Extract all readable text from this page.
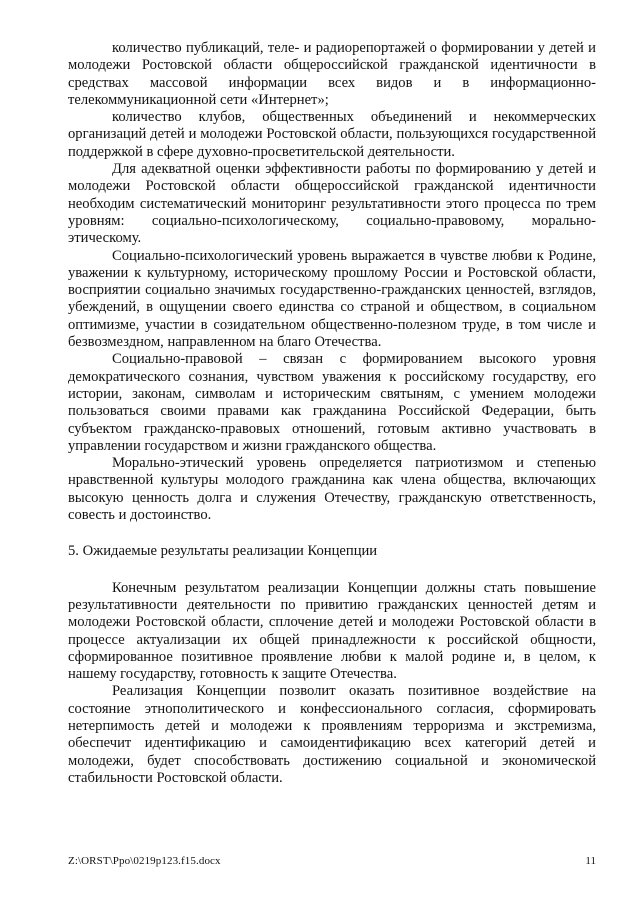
количество публикаций, теле- и радиорепортажей о формировании у детей и молодежи Ростовской области общероссийской гражданской идентичности в средствах массовой информации всех видов и в информационно-телекоммуникационной сети «Интернет»;

количество клубов, общественных объединений и некоммерческих организаций детей и молодежи Ростовской области, пользующихся государственной поддержкой в сфере духовно-просветительской деятельности.

Для адекватной оценки эффективности работы по формированию у детей и молодежи Ростовской области общероссийской гражданской идентичности необходим систематический мониторинг результативности этого процесса по трем уровням: социально-психологическому, социально-правовому, морально-этическому.

Социально-психологический уровень выражается в чувстве любви к Родине, уважении к культурному, историческому прошлому России и Ростовской области, восприятии социально значимых государственно-гражданских ценностей, взглядов, убеждений, в ощущении своего единства со страной и обществом, в социальном оптимизме, участии в созидательном общественно-полезном труде, в том числе и безвозмездном, направленном на благо Отечества.

Социально-правовой – связан с формированием высокого уровня демократического сознания, чувством уважения к российскому государству, его истории, законам, символам и историческим святыням, с умением молодежи пользоваться своими правами как гражданина Российской Федерации, быть субъектом гражданско-правовых отношений, готовым активно участвовать в управлении государством и жизни гражданского общества.

Морально-этический уровень определяется патриотизмом и степенью нравственной культуры молодого гражданина как члена общества, включающих высокую ценность долга и служения Отечеству, гражданскую ответственность, совесть и достоинство.

5. Ожидаемые результаты реализации Концепции

Конечным результатом реализации Концепции должны стать повышение результативности деятельности по привитию гражданских ценностей детям и молодежи Ростовской области, сплочение детей и молодежи Ростовской области в процессе актуализации их общей принадлежности к российской общности, сформированное позитивное проявление любви к малой родине и, в целом, к нашему государству, готовность к защите Отечества.

Реализация Концепции позволит оказать позитивное воздействие на состояние этнополитического и конфессионального согласия, сформировать нетерпимость детей и молодежи к проявлениям терроризма и экстремизма, обеспечит идентификацию и самоидентификацию всех категорий детей и молодежи, будет способствовать достижению социальной и экономической стабильности Ростовской области.

Z:\ORST\Ppo\0219p123.f15.docx	11
